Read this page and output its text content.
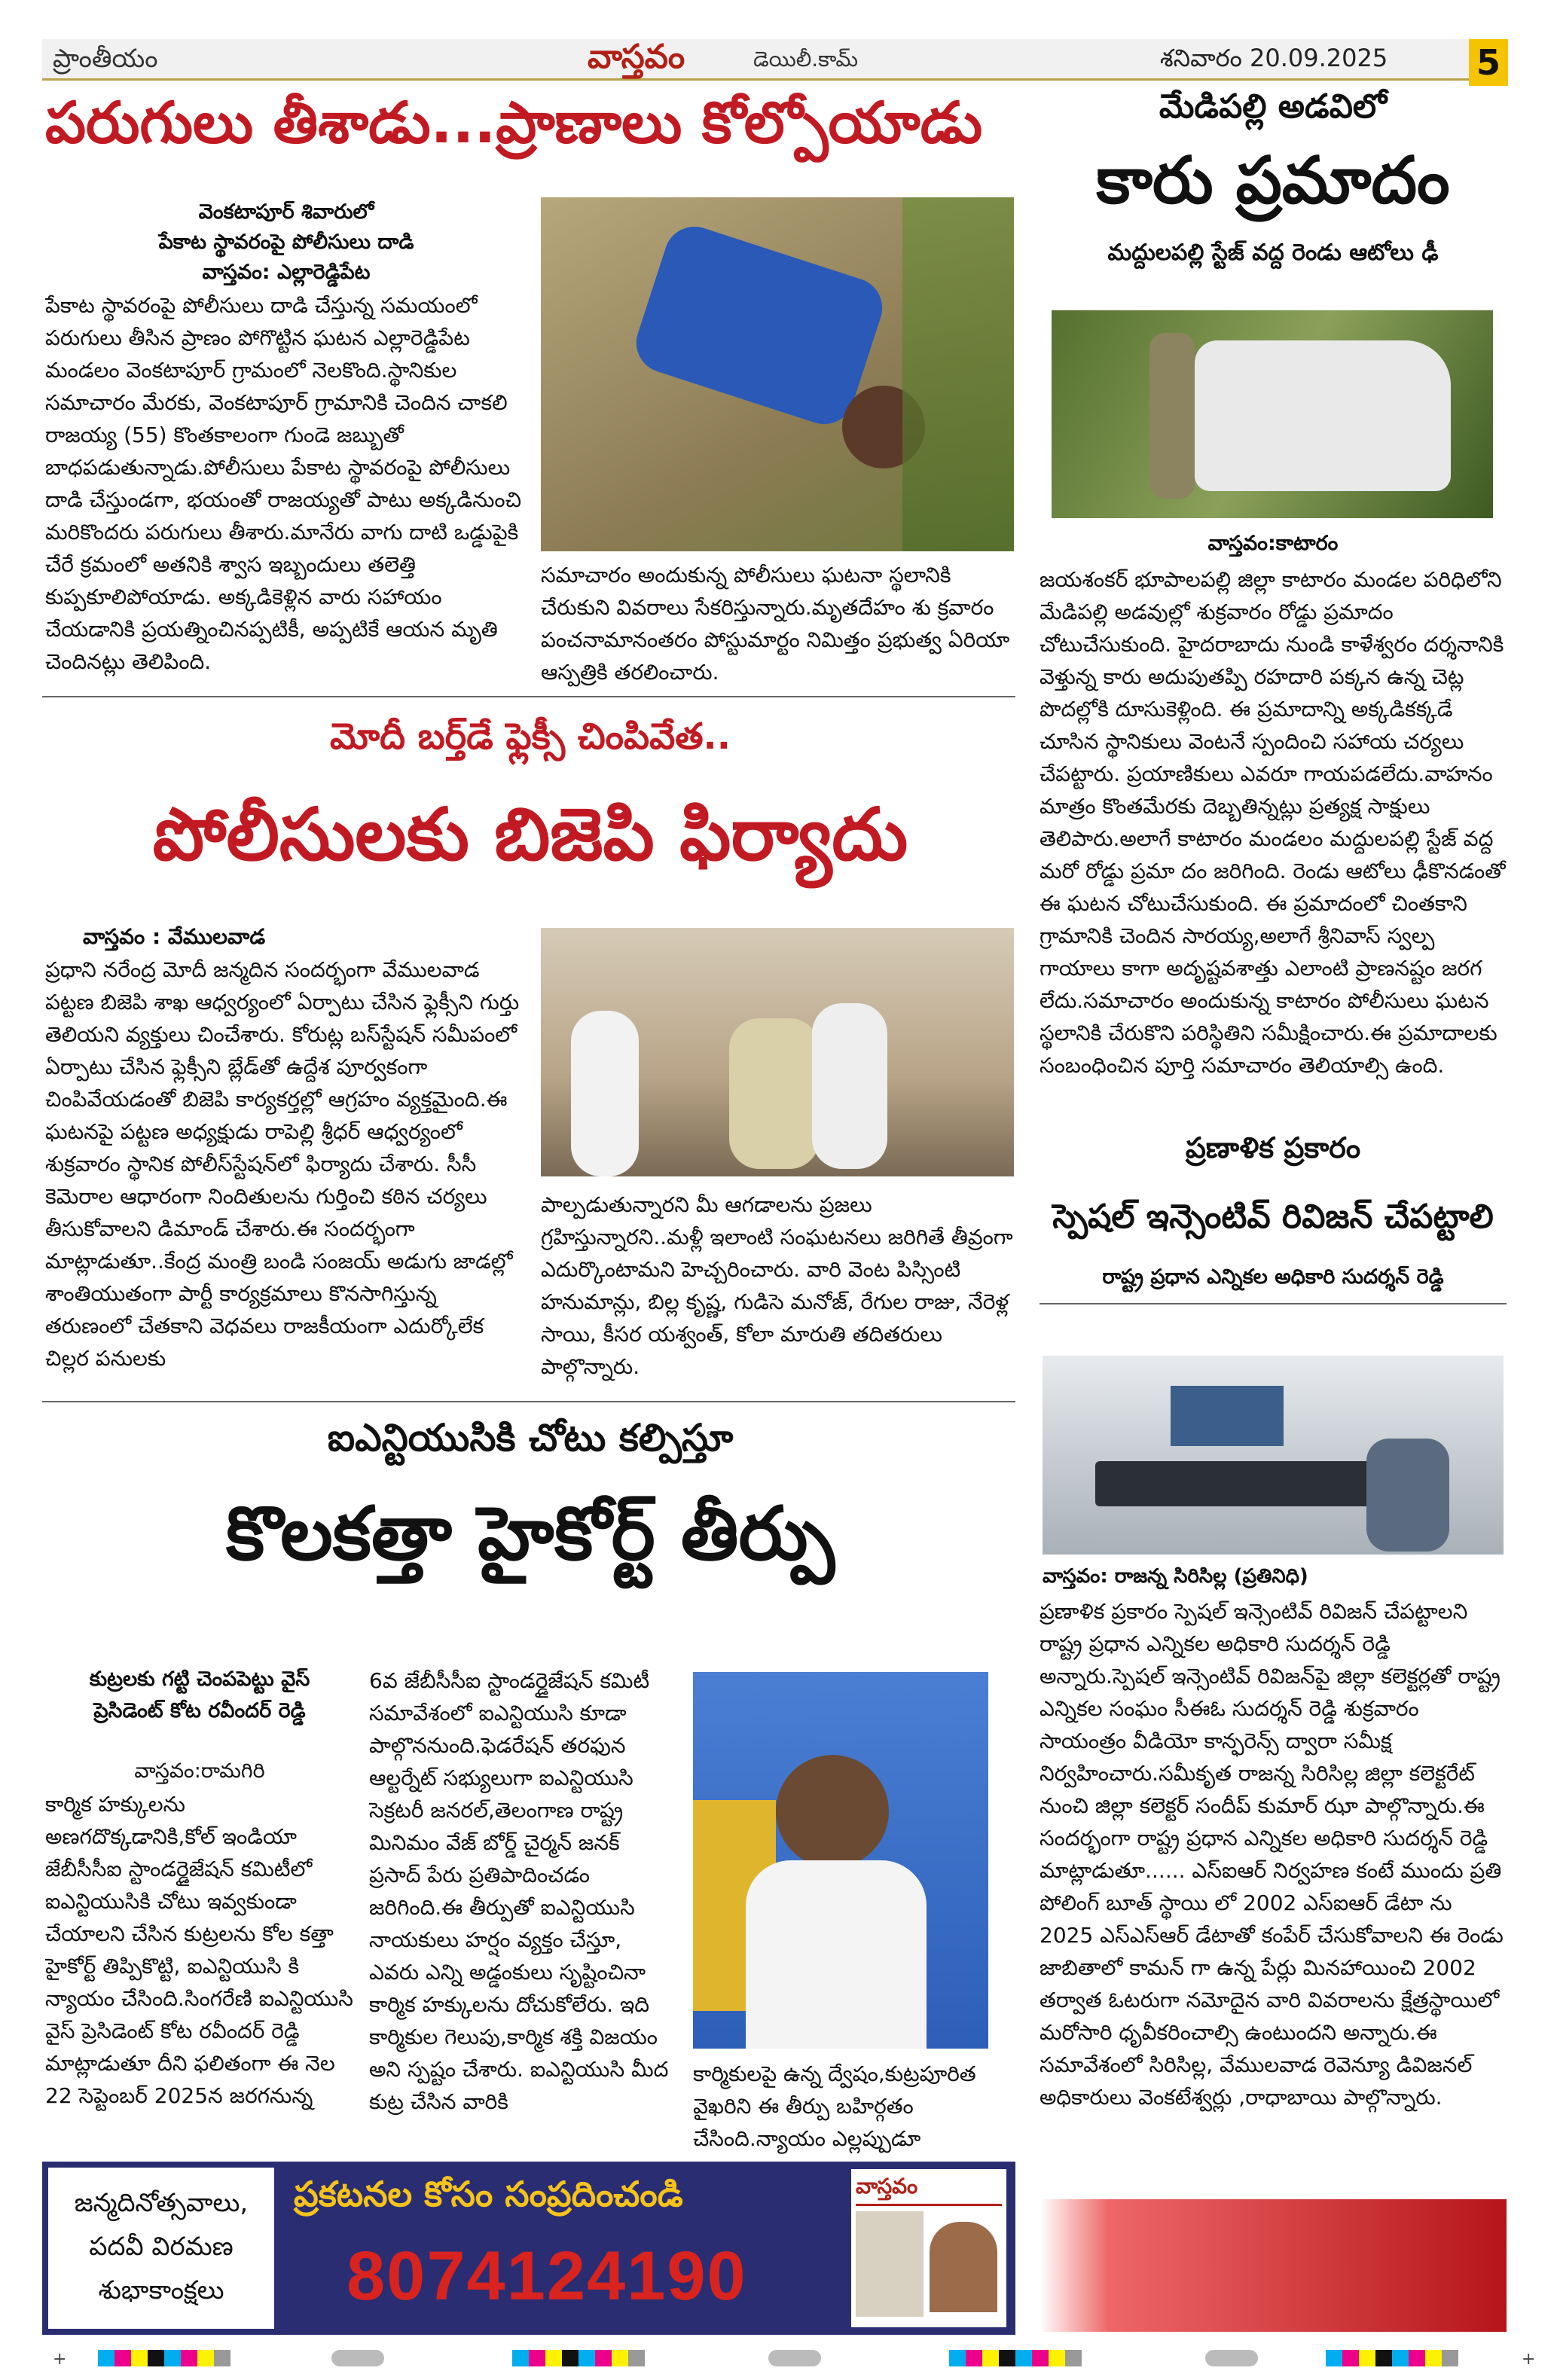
ప్రాంతీయం	వాస్తవం	డెయిలీ.కామ్	శనివారం 20.09.2025	5
పరుగులు తీశాడు...ప్రాణాలు కోల్పోయాడు
వెంకటాపూర్ శివారులో
పేకాట స్థావరంపై పోలీసులు దాడి
వాస్తవం: ఎల్లారెడ్డిపేట

పేకాట స్థావరంపై పోలీసులు దాడి చేస్తున్న సమయంలో పరుగులు తీసిన ప్రాణం పోగొట్టిన ఘటన ఎల్లారెడ్డిపేట మండలం వెంకటాపూర్ గ్రామంలో నెలకొంది.స్థానికుల సమాచారం మేరకు, వెంకటాపూర్ గ్రామానికి చెందిన చాకలి రాజయ్య (55) కొంతకాలంగా గుండె జబ్బుతో బాధపడుతున్నాడు.పోలీసులు పేకాట స్థావరంపై పోలీసులు దాడి చేస్తుండగా, భయంతో రాజయ్యతో పాటు అక్కడినుంచి మరికొందరు పరుగులు తీశారు.మానేరు వాగు దాటి ఒడ్డుపైకి చేరే క్రమంలో అతనికి శ్వాస ఇబ్బందులు తలెత్తి కుప్పకూలిపోయాడు. అక్కడికెళ్లిన వారు సహాయం చేయడానికి ప్రయత్నించినప్పటికీ, అప్పటికే ఆయన మృతి చెందినట్లు తెలిపింది.

సమాచారం అందుకున్న పోలీసులు ఘటనా స్థలానికి చేరుకుని వివరాలు సేకరిస్తున్నారు.మృతదేహం శు క్రవారం పంచనామానంతరం పోస్టుమార్టం నిమిత్తం ప్రభుత్వ ఏరియా ఆస్పత్రికి తరలించారు.

మేడిపల్లి అడవిలో
కారు ప్రమాదం
మద్దులపల్లి స్టేజ్ వద్ద రెండు ఆటోలు ఢీ
వాస్తవం:కాటారం

జయశంకర్ భూపాలపల్లి జిల్లా కాటారం మండల పరిధిలోని మేడిపల్లి అడవుల్లో శుక్రవారం రోడ్డు ప్రమాదం చోటుచేసుకుంది. హైదరాబాదు నుండి కాళేశ్వరం దర్శనానికి వెళ్తున్న కారు అదుపుతప్పి రహదారి పక్కన ఉన్న చెట్ల పొదల్లోకి దూసుకెళ్లింది. ఈ ప్రమాదాన్ని అక్కడికక్కడే చూసిన స్థానికులు వెంటనే స్పందించి సహాయ చర్యలు చేపట్టారు. ప్రయాణికులు ఎవరూ గాయపడలేదు.వాహనం మాత్రం కొంతమేరకు దెబ్బతిన్నట్లు ప్రత్యక్ష సాక్షులు తెలిపారు.అలాగే కాటారం మండలం మద్దులపల్లి స్టేజ్ వద్ద మరో రోడ్డు ప్రమా దం జరిగింది. రెండు ఆటోలు ఢీకొనడంతో ఈ ఘటన చోటుచేసుకుంది. ఈ ప్రమాదంలో చింతకాని గ్రామానికి చెందిన సారయ్య,అలాగే శ్రీనివాస్ స్వల్ప గాయాలు కాగా అదృష్టవశాత్తు ఎలాంటి ప్రాణనష్టం జరగ లేదు.సమాచారం అందుకున్న కాటారం పోలీసులు ఘటన స్థలానికి చేరుకొని పరిస్థితిని సమీక్షించారు.ఈ ప్రమాదాలకు సంబంధించిన పూర్తి సమాచారం తెలియాల్సి ఉంది.

ప్రణాళిక ప్రకారం
స్పెషల్ ఇన్సెంటివ్ రివిజన్ చేపట్టాలి
రాష్ట్ర ప్రధాన ఎన్నికల అధికారి సుదర్శన్ రెడ్డి
వాస్తవం: రాజన్న సిరిసిల్ల (ప్రతినిధి)

ప్రణాళిక ప్రకారం స్పెషల్ ఇన్సెంటివ్ రివిజన్ చేపట్టాలని రాష్ట్ర ప్రధాన ఎన్నికల అధికారి సుదర్శన్ రెడ్డి అన్నారు.స్పెషల్ ఇన్సెంటివ్ రివిజన్‌పై జిల్లా కలెక్టర్లతో రాష్ట్ర ఎన్నికల సంఘం సీఈఓ సుదర్శన్ రెడ్డి శుక్రవారం సాయంత్రం వీడియో కాన్ఫరెన్స్ ద్వారా సమీక్ష నిర్వహించారు.సమీకృత రాజన్న సిరిసిల్ల జిల్లా కలెక్టరేట్ నుంచి జిల్లా కలెక్టర్ సందీప్ కుమార్ ఝా పాల్గొన్నారు.ఈ సందర్భంగా రాష్ట్ర ప్రధాన ఎన్నికల అధికారి సుదర్శన్ రెడ్డి మాట్లాడుతూ...... ఎస్ఐఆర్ నిర్వహణ కంటే ముందు ప్రతి పోలింగ్ బూత్ స్థాయి లో 2002 ఎస్ఐఆర్ డేటా ను 2025 ఎస్ఎస్ఆర్ డేటాతో కంపేర్ చేసుకోవాలని ఈ రెండు జాబితాలో కామన్ గా ఉన్న పేర్లు మినహాయించి 2002 తర్వాత ఓటరుగా నమోదైన వారి వివరాలను క్షేత్రస్థాయిలో మరోసారి ధృవీకరించాల్సి ఉంటుందని అన్నారు.ఈ సమావేశంలో సిరిసిల్ల, వేములవాడ రెవెన్యూ డివిజనల్ అధికారులు వెంకటేశ్వర్లు ,రాధాబాయి పాల్గొన్నారు.

మోదీ బర్త్‌డే ఫ్లెక్సీ చింపివేత..
పోలీసులకు బిజెపి ఫిర్యాదు
వాస్తవం : వేములవాడ

ప్రధాని నరేంద్ర మోదీ జన్మదిన సందర్భంగా వేములవాడ పట్టణ బిజెపి శాఖ ఆధ్వర్యంలో ఏర్పాటు చేసిన ఫ్లెక్సీని గుర్తు తెలియని వ్యక్తులు చించేశారు. కోరుట్ల బస్‌స్టేషన్ సమీపంలో ఏర్పాటు చేసిన ఫ్లెక్సీని బ్లేడ్‌తో ఉద్దేశ పూర్వకంగా చింపివేయడంతో బిజెపి కార్యకర్తల్లో ఆగ్రహం వ్యక్తమైంది.ఈ ఘటనపై పట్టణ అధ్యక్షుడు రాపెల్లి శ్రీధర్ ఆధ్వర్యంలో శుక్రవారం స్థానిక పోలీస్‌స్టేషన్‌లో ఫిర్యాదు చేశారు. సీసీ కెమెరాల ఆధారంగా నిందితులను గుర్తించి కఠిన చర్యలు తీసుకోవాలని డిమాండ్ చేశారు.ఈ సందర్భంగా మాట్లాడుతూ..కేంద్ర మంత్రి బండి సంజయ్ అడుగు జాడల్లో శాంతియుతంగా పార్టీ కార్యక్రమాలు కొనసాగిస్తున్న తరుణంలో చేతకాని వెధవలు రాజకీయంగా ఎదుర్కోలేక చిల్లర పనులకు

పాల్పడుతున్నారని మీ ఆగడాలను ప్రజలు గ్రహిస్తున్నారని..మళ్లీ ఇలాంటి సంఘటనలు జరిగితే తీవ్రంగా ఎదుర్కొంటామని హెచ్చరించారు. వారి వెంట పిస్సింటి హనుమాన్లు, బిల్ల కృష్ణ, గుడిసె మనోజ్, రేగుల రాజు, నేరెళ్ల సాయి, కీసర యశ్వంత్, కోలా మారుతి తదితరులు పాల్గొన్నారు.

ఐఎన్టియుసికి చోటు కల్పిస్తూ
కొలకత్తా హైకోర్ట్ తీర్పు
కుట్రలకు గట్టి చెంపపెట్టు వైస్
ప్రెసిడెంట్ కోట రవీందర్ రెడ్డి
వాస్తవం:రామగిరి

కార్మిక హక్కులను అణగదొక్కడానికి,కోల్ ఇండియా జేబీసీసీఐ స్టాండర్డైజేషన్ కమిటీలో ఐఎన్టియుసికి చోటు ఇవ్వకుండా చేయాలని చేసిన కుట్రలను కోల కత్తా హైకోర్ట్ తిప్పికొట్టి, ఐఎన్టియుసి కి న్యాయం చేసింది.సింగరేణి ఐఎన్టియుసి వైస్ ప్రెసిడెంట్ కోట రవీందర్ రెడ్డి మాట్లాడుతూ దీని ఫలితంగా ఈ నెల 22 సెప్టెంబర్ 2025న జరగనున్న

6వ జేబీసీసీఐ స్టాండర్డైజేషన్ కమిటీ సమావేశంలో ఐఎన్టియుసి కూడా పాల్గొననుంది.ఫెడరేషన్ తరఫున ఆల్టర్నేట్ సభ్యులుగా ఐఎన్టియుసి సెక్రటరీ జనరల్,తెలంగాణ రాష్ట్ర మినిమం వేజ్ బోర్డ్ చైర్మన్ జనక్ ప్రసాద్ పేరు ప్రతిపాదించడం జరిగింది.ఈ తీర్పుతో ఐఎన్టియుసి నాయకులు హర్షం వ్యక్తం చేస్తూ, ఎవరు ఎన్ని అడ్డంకులు సృష్టించినా కార్మిక హక్కులను దోచుకోలేరు. ఇది కార్మికుల గెలుపు,కార్మిక శక్తి విజయం అని స్పష్టం చేశారు. ఐఎన్టియుసి మీద కుట్ర చేసిన వారికి

కార్మికులపై ఉన్న ద్వేషం,కుట్రపూరిత వైఖరిని ఈ తీర్పు బహిర్గతం చేసింది.న్యాయం ఎల్లప్పుడూ

జన్మదినోత్సవాలు,
పదవీ విరమణ
శుభాకాంక్షలు
ప్రకటనల కోసం సంప్రదించండి
8074124190
వాస్తవం
+	+
